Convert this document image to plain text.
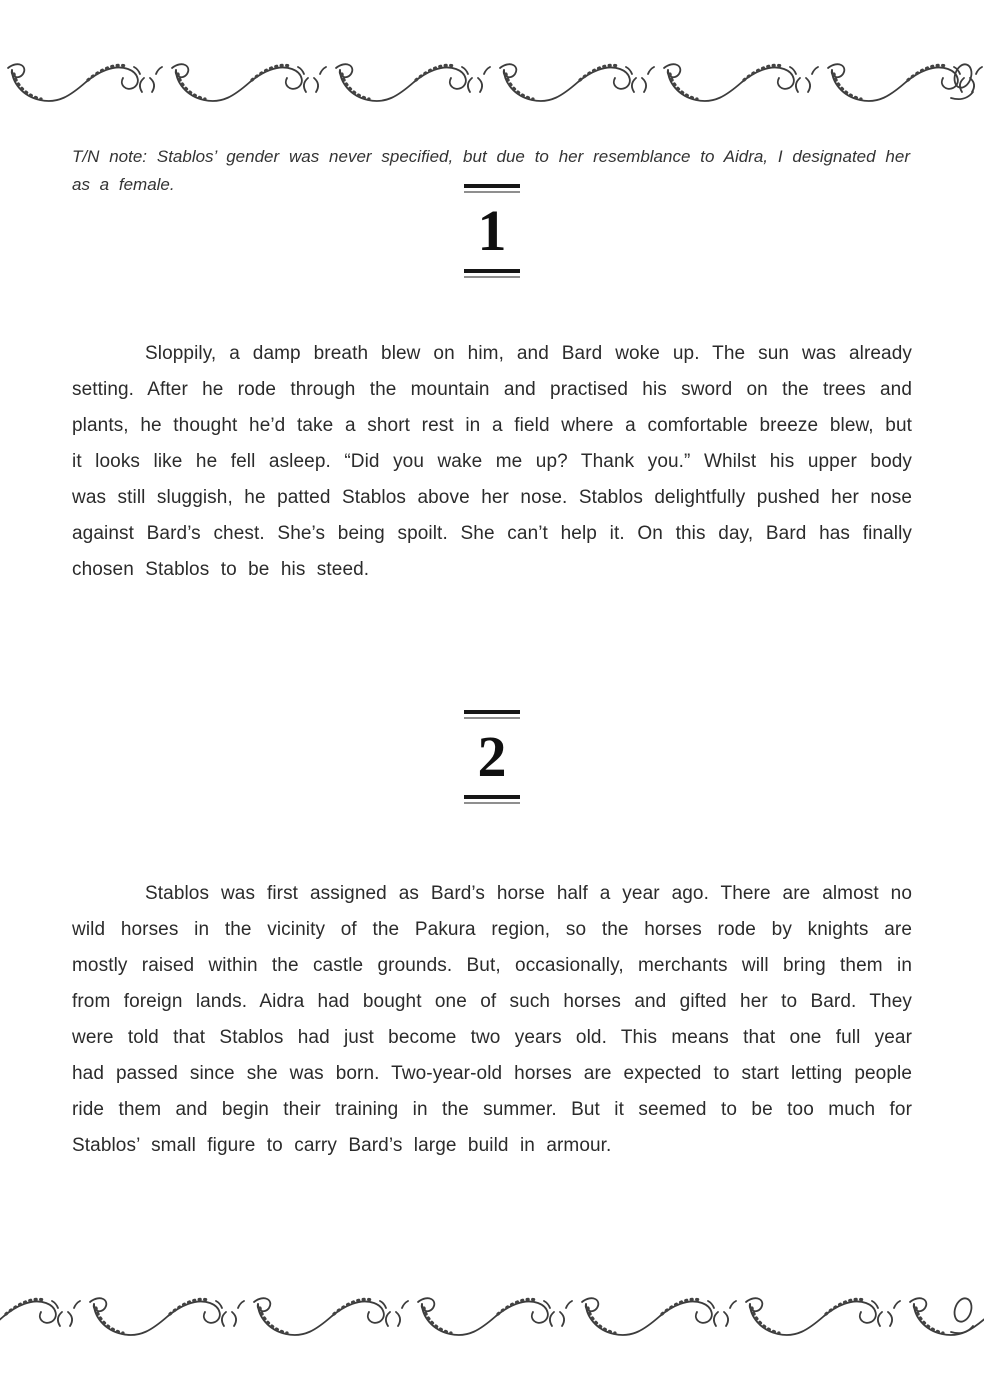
T/N note: Stablos’ gender was never specified, but due to her resemblance to Aidra, I designated her as a female.

1

Sloppily, a damp breath blew on him, and Bard woke up. The sun was already setting. After he rode through the mountain and practised his sword on the trees and plants, he thought he’d take a short rest in a field where a comfortable breeze blew, but it looks like he fell asleep. “Did you wake me up? Thank you.” Whilst his upper body was still sluggish, he patted Stablos above her nose. Stablos delightfully pushed her nose against Bard’s chest. She’s being spoilt. She can’t help it. On this day, Bard has finally chosen Stablos to be his steed.

2

Stablos was first assigned as Bard’s horse half a year ago. There are almost no wild horses in the vicinity of the Pakura region, so the horses rode by knights are mostly raised within the castle grounds. But, occasionally, merchants will bring them in from foreign lands. Aidra had bought one of such horses and gifted her to Bard. They were told that Stablos had just become two years old. This means that one full year had passed since she was born. Two-year-old horses are expected to start letting people ride them and begin their training in the summer. But it seemed to be too much for Stablos’ small figure to carry Bard’s large build in armour.
